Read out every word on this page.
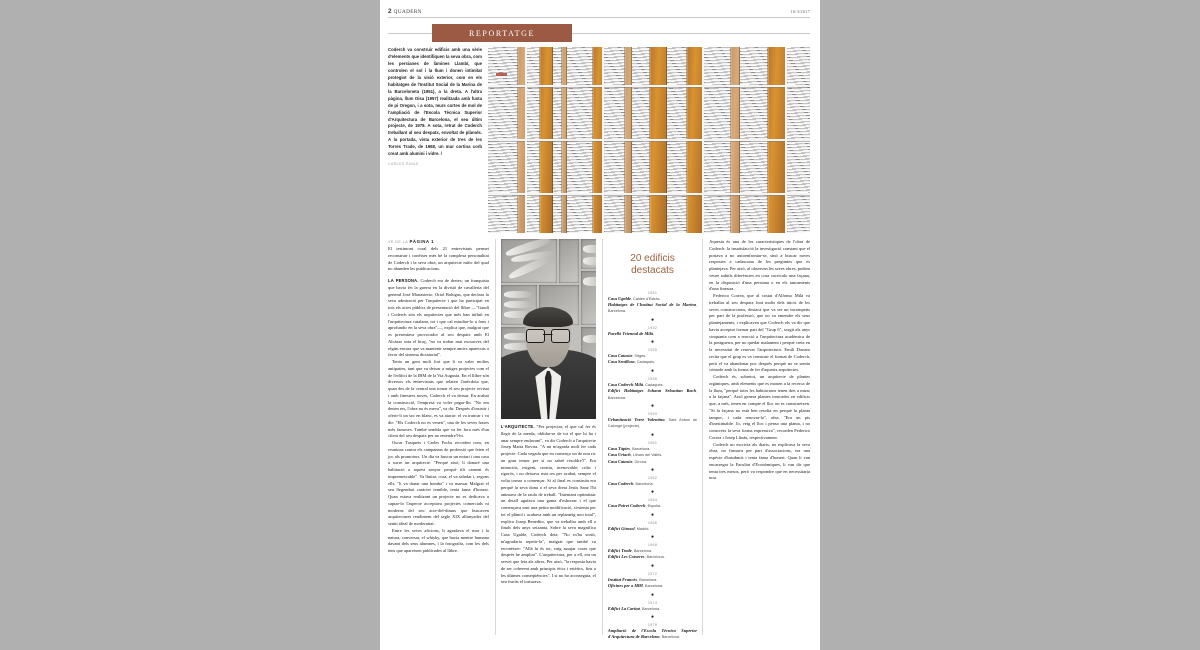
2 QUADERN	16/3/2017
REPORTATGE
Coderch va construir edificis amb una sèrie d'elements que identifiquen la seva obra, com les persianes de làmines Llambí, que controlen el sol i la llum i donen intimitat protegint de la visió exterior, com en els habitatges de l'Institut Social de la Marina de la Barceloneta (1951), a la dreta. A l'altra pàgina, llum Disa (1957) realitzada amb fusta de pi Oregon, i a sota, murs cortes de mol de l'ampliació de l'Escola Tècnica Superior d'Arquitectura de Barcelona, el seu últim projecte, de 1978. A sota, retrat de Coderch treballant al seu despatx, envoltat de plànols. A la portada, vista exterior de tres de les Torres Trade, de 1968, un mur cortina corb creat amb alumini i vidre. /
CARLES RIBAS
VE DE LA PÀGINA 1

El testimoni coral dels 21 entrevistats permet reconstruir i conèixer més bé la complexa personalitat de Coderch i la seva obra, un arquitecte mític del qual no abunden les publicacions.

LA PERSONA. Coderch era de dretes; un franquista que havia fet la guerra en la divisió de cavalleria del general José Monasterio. Oriol Bohigas, que declara la seva admiració per l'arquitecte i que ha participat en tots els actes públics de presentació del llibre —"Gaudí i Coderch són els arquitectes que més han influït en l'arquitectura catalana, tot i que cal estudiar-lo a fons i aprofundir en la seva obra"—, explica que, malgrat que es presentava provocador al seu despatx amb El Alcázar sota el braç, "no va trobar mai excusives del règim encara que va mantenir sempre amics aparecuts a favor del sistema dictatorial".

Tenia un geni molt fort que li va valer moltes antipaties, tant que va deixar a mitges projectes com el de l'edifici de la IBM de la Via Augusta. En el llibre són diversos els entrevistats que relaten l'anècdota que, quan des de la central una tornar el seu projecte revisat i amb finestres noves, Coderch el va deixar. En acabat la construcció, l'empresa va voler pagar-lhi. "No em deuen res, l'obra no és meva", va dir. Després d'insistir i oferir-li un soc en blanc, es va atacar: el va truncar i va dir: "Els Coderch no es venen", una de les seves frases més famoses. També sembla que va fer fora més d'un client del seu despatx per no entendre'l-hi.

Oscar Tusquets i Carles Fochs recorden com, en reunions contra els campanars de professió que feien el joc als promotors. Un dia va buscar un notari i una casa a sucre un arquitecte. "Perquè això, li donaré una habitació a aquest senyor perquè tili cament és impremescable". Va lluitar, cosa, el va saludar i, segons ells, "li va donar una bomba" i va marxar Malgrat el seu llegendari caràcter temible, tenia fama d'honest. Quan estava realitzant un projecte no es dedicava a captar-lo l'aspecte acceptava projectes comercials ni moderns del seu acte-del-dinars que buscaven arquitectures rendiment del segle XIX allunyades del sentit ideal de modernitat.

Entre les seves aficions, li agradava el mar i la natura, conversar, el whisky, que havia mentre humana davant dels seus alumnes, i la fotografia, com les dels tens que apareixen publicades al llibre.

L'ARQUITECTE. "Per projectar, el que cal fer és llegir de la merda, oblidar-se de tot el que hi ha i anar sempre endavant", va dir Coderch a l'arquitecte Josep Maria Rovira. "A mi m'agrada molt fer cada projecte. Cada vegada que en començo un de nou ric un gran temor per si no sabré resoldre'l". Era minuciós, exigent, creatiu, irrenovable; crític i rigorós, i no deixava mai res per acabat, sempre el volia tornar a començar. Si al final es construïa era perquè la seva dona o el seva dreta Jesús Sanz l'hi animava de la raula de treball. "Intentant optimitzar un detall agafava una gama d'esborrar i el que començava sent una petita modificació, s'estenia per tot el plànol i acabava amb un replanteig nou total", explica Josep Benedito, que va treballar amb ell a finals dels anys seixanta. Sobre la seva magnífica Casa Ugalde, Coderch deia: "No m'ha sortit, m'agradaria repetir-la", malgrat que també va reconèixer: "Allà hi és tot, vaig assajar coses que després he ampliat". L'arquitectura, per a ell, era un servei que feia als altres. Per això, "la resposta havia de ser coherent amb principis ètics i estètics, fins a les últimes conseqüències". I si no ho aconseguia, el seu fracàs el torturava.

20 edificis destacats
1951

Casa Ugalde, Caldes d'Estrac.

Habitatges de l'Institut Social de la Marina, Barcelona.

●
1952

Pavelló Triennal de Milà.

●
1955

Casa Catasús, Sitges.

Casa Senillosa, Cadaqués.

●
1956

Casa Coderch Milà, Cadaqués.

Edifici Habitatges Johann Sebastian Bach, Barcelona.

●
1959

Urbanització Torre Valentina, Sant Antoni de Calonge (projecte).

●
1961

Casa Tàpies, Barcelona.

Casa Uriach, Llinars del Vallès.

Casa Catasús, Girona.

●
1962

Casa Coderch, Barcelona.

●
1964

Casa Poiret Coderch, Espolla.

●
1966

Edifici Girasol, Madrid.

●
1968

Edifici Trade, Barcelona.

Edifici Les Cotxeres, Barcelona.

●
1972

Institut Francès, Barcelona.

Oficines per a IBM, Barcelona.

●
1974

Edifici La Caritat, Barcelona.

●
1978

Ampliació de l'Escola Tècnica Superior d'Arquitectura de Barcelona, Barcelona.

Aquesta és una de les característiques de l'obra de Coderch: la insatisfacció la investigació constant que el portava a no autoenfrontar-se, sinó a buscar noves respostes a cadascuna de les preguntes que es plantejava. Per això, al observen les seves obres, podem veure subtils diferències en cosa currículo una façana, en la disposició d'una persiana o en els tancaments d'una finestra.

Federico Correa, que al costat d'Alfonso Milà va treballar al seu despatx font molts dels inicis de les seves construccions, destaca que va ser un incompetis per part de la professió, que no va entendre els seus plantejaments, i explicaven que Coderch els va dir que havia acceptat formar part del "Grup 6", sorgit als anys cinquanta com a reacció a l'arquitectura acadèmica de la postguerra, per no quedar malament i perquè creia en la necessitat de renovar l'arquitectura. Emili Donato recita que el grup es va construir el format de Coderch, però el va abandonar poc després perquè no se sentia còmode amb la forma de fer d'aquests arquitectes.

Coderch és, sobretot, un arquitecte de plantes orgàniques, amb elements que es mouen a la recerca de la llum, "perquè totes les habitacions tenen dret a mirar a la façana". Això genera plantes trencades en edificis que, a més, tenen en compte el lloc on es construeixen. "Si la façana no està ben resolta en perquè la planta tampoc, i cada renovar-la", afea. "Era un pis d'inestimable. Jo, veig el lloc i penso una planta, i no conscreix la seva forma expressiva", recorden Federico Correa i Josep Llinàs, respectivament.

Coderch no escrivia als diaris, no explicava la seva obra, no firmava per part d'associacions, era una espècie d'insubmís i tenia fama d'honest. Quan li van encarregar la Facultat d'Econòmiques, li van dir que tenia tres mesos, però va respondre que en necessitaria nou.
